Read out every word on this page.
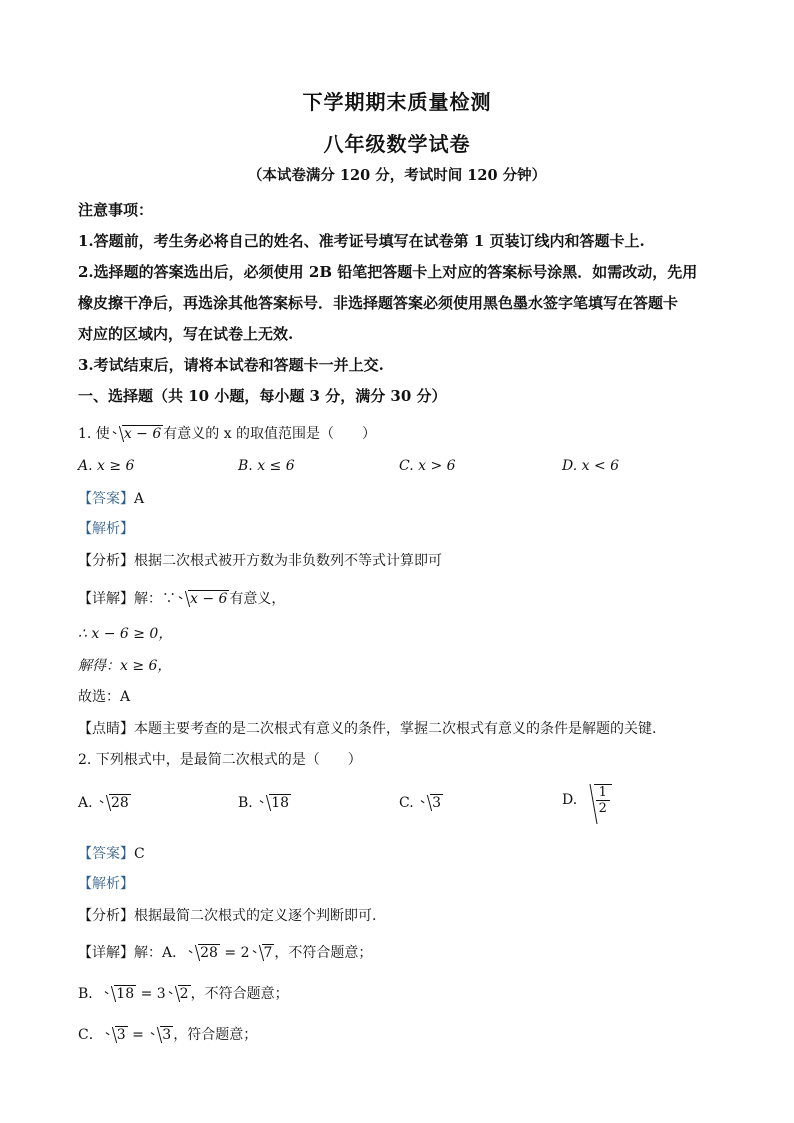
下学期期末质量检测
八年级数学试卷
（本试卷满分 120 分，考试时间 120 分钟）
注意事项：
1.答题前，考生务必将自己的姓名、准考证号填写在试卷第 1 页装订线内和答题卡上.
2.选择题的答案选出后，必须使用 2B 铅笔把答题卡上对应的答案标号涂黑．如需改动，先用
橡皮擦干净后，再选涂其他答案标号．非选择题答案必须使用黑色墨水签字笔填写在答题卡
对应的区域内，写在试卷上无效.
3.考试结束后，请将本试卷和答题卡一并上交.
一、选择题（共 10 小题，每小题 3 分，满分 30 分）
1. 使 x − 6 有意义的 x 的取值范围是（　　）
A. x ≥ 6	B. x ≤ 6	C. x > 6	D. x < 6
【答案】A
【解析】
【分析】根据二次根式被开方数为非负数列不等式计算即可
【详解】解：∵ x − 6 有意义，
∴ x − 6 ≥ 0，
解得：x ≥ 6，
故选：A
【点睛】本题主要考查的是二次根式有意义的条件，掌握二次根式有意义的条件是解题的关键.
2. 下列根式中，是最简二次根式的是（　　）
A. 28	B. 18	C. 3	D. $\frac{1}{2}$
【答案】C
【解析】
【分析】根据最简二次根式的定义逐个判断即可.
【详解】解：A． 28 = 2 7 ，不符合题意；
B． 18 = 3 2 ，不符合题意；
C． 3 =
3 ，符合题意；
